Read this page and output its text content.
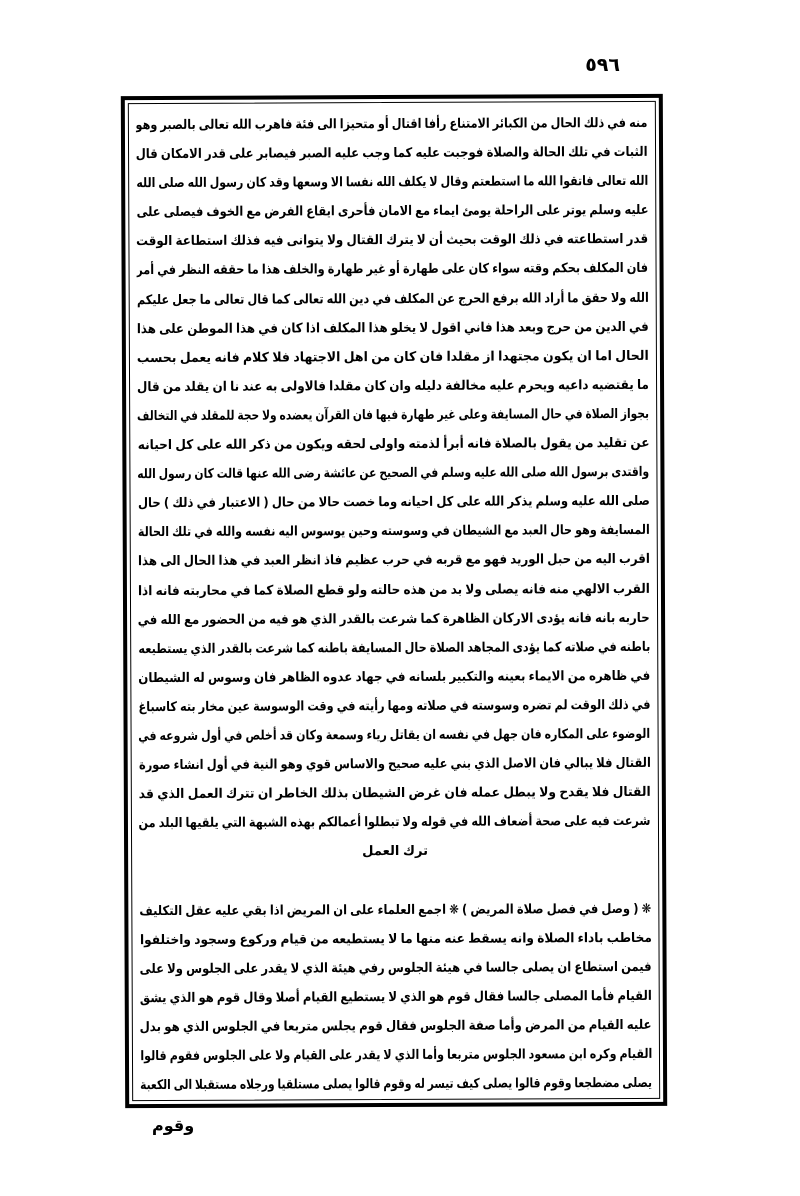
٥٩٦
منه في ذلك الحال من الكبائر الامتناع رأفا اقتال أو متحيزا الى فئة فاهرب الله تعالى بالصبر وهو
الثبات في تلك الحالة والصلاة فوجبت عليه كما وجب عليه الصبر فيصابر على قدر الامكان قال
الله تعالى فاتقوا الله ما استطعتم وقال لا يكلف الله نفسا الا وسعها وقد كان رسول الله صلى الله
عليه وسلم يوتر على الراحلة يومئ ايماء مع الامان فأحرى ايقاع الفرض مع الخوف فيصلى على
قدر استطاعته في ذلك الوقت بحيث أن لا يترك القتال ولا يتوانى فيه فذلك استطاعة الوقت
فان المكلف بحكم وقته سواء كان على طهارة أو غير طهارة والخلف هذا ما حققه النظر في أمر
الله ولا حقق ما أراد الله برفع الحرج عن المكلف في دين الله تعالى كما قال تعالى ما جعل عليكم
في الدين من حرج وبعد هذا فاني اقول لا يخلو هذا المكلف اذا كان في هذا الموطن على هذا
الحال اما ان يكون مجتهدا از مقلدا فان كان من اهل الاجتهاد فلا كلام فانه يعمل بحسب
ما يقتضيه داعيه ويحرم عليه مخالفة دليله وان كان مقلدا فالاولى به عند نا ان يقلد من قال
بجواز الصلاة في حال المسايفة وعلى غير طهارة فيها فان القرآن يعضده ولا حجة للمقلد في التخالف
عن تقليد من يقول بالصلاة فانه أبرأ لذمته واولى لحقه ويكون من ذكر الله على كل احيانه
واقتدى برسول الله صلى الله عليه وسلم في الصحيح عن عائشة رضى الله عنها قالت كان رسول الله
صلى الله عليه وسلم يذكر الله على كل احيانه وما خصت حالا من حال ( الاعتبار في ذلك ) حال
المسايفة وهو حال العبد مع الشيطان في وسوسته وحين يوسوس اليه نفسه والله في تلك الحالة
اقرب اليه من حبل الوريد فهو مع قربه في حرب عظيم فاذ انظر العبد في هذا الحال الى هذا
القرب الالهي منه فانه يصلى ولا بد من هذه حالته ولو قطع الصلاة كما في محاربته فانه اذا
حاربه بانه فانه يؤدى الاركان الظاهرة كما شرعت بالقدر الذي هو فيه من الحضور مع الله في
باطنه في صلاته كما يؤدى المجاهد الصلاة حال المسايفة باطنه كما شرعت بالقدر الذي يستطيعه
في ظاهره من الايماء بعينه والتكبير بلسانه في جهاد عدوه الظاهر فان وسوس له الشيطان
في ذلك الوقت لم تضره وسوسته في صلاته ومها رأيته في وقت الوسوسة عين مخار بته كاسباغ
الوضوء على المكاره فان جهل في نفسه ان يقاتل رياء وسمعة وكان قد أخلص في أول شروعه في
القتال فلا يبالي فان الاصل الذي بني عليه صحيح والاساس قوي وهو النية في أول انشاء صورة
القتال فلا يقدح ولا يبطل عمله فان غرض الشيطان بذلك الخاطر ان تترك العمل الذي قد
شرعت فيه على صحة أضعاف الله في قوله ولا تبطلوا أعمالكم بهذه الشبهة التي يلقيها البلد من
ترك العمل
❋ ( وصل في فصل صلاة المريض ) ❋ اجمع العلماء على ان المريض اذا بقي عليه عقل التكليف
مخاطب باداء الصلاة وانه يسقط عنه منها ما لا يستطيعه من قيام وركوع وسجود واختلفوا
فيمن استطاع ان يصلى جالسا في هيئة الجلوس رفي هيئة الذي لا يقدر على الجلوس ولا على
القيام فأما المصلى جالسا فقال قوم هو الذي لا يستطيع القيام أصلا وقال قوم هو الذي يشق
عليه القيام من المرض وأما صفة الجلوس فقال قوم يجلس متربعا في الجلوس الذي هو بدل
القيام وكره ابن مسعود الجلوس متربعا وأما الذي لا يقدر على القيام ولا على الجلوس فقوم قالوا
يصلى مضطجعا وقوم قالوا يصلى كيف تيسر له وقوم قالوا يصلى مستلقيا ورجلاه مستقبلا الى الكعبة
وقوم
